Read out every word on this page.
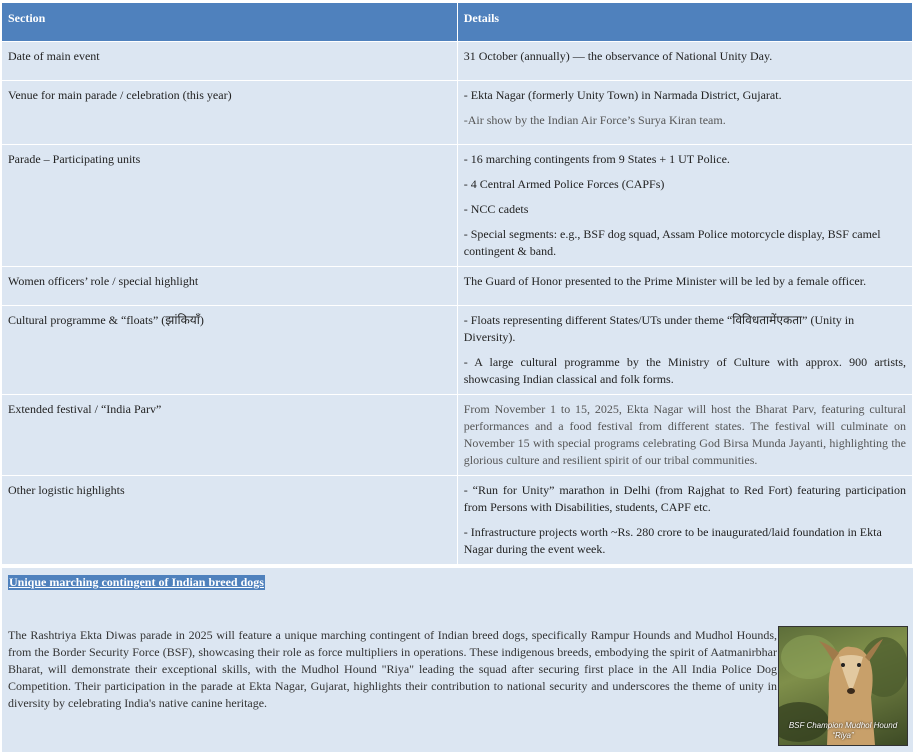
Section	Details
Date of main event	31 October (annually) — the observance of National Unity Day.

Venue for main parade / celebration (this year)	- Ekta Nagar (formerly Unity Town) in Narmada District, Gujarat.
-Air show by the Indian Air Force’s Surya Kiran team.

Parade – Participating units	- 16 marching contingents from 9 States + 1 UT Police.
- 4 Central Armed Police Forces (CAPFs)
- NCC cadets
- Special segments: e.g., BSF dog squad, Assam Police motorcycle display, BSF camel contingent & band.

Women officers’ role / special highlight	The Guard of Honor presented to the Prime Minister will be led by a female officer.

Cultural programme & “floats” (झांकियाँ)	- Floats representing different States/UTs under theme “विविधतामेंएकता” (Unity in Diversity).
- A large cultural programme by the Ministry of Culture with approx. 900 artists, showcasing Indian classical and folk forms.

Extended festival / “India Parv”	From November 1 to 15, 2025, Ekta Nagar will host the Bharat Parv, featuring cultural performances and a food festival from different states. The festival will culminate on November 15 with special programs celebrating God Birsa Munda Jayanti, highlighting the glorious culture and resilient spirit of our tribal communities.

Other logistic highlights	- “Run for Unity” marathon in Delhi (from Rajghat to Red Fort) featuring participation from Persons with Disabilities, students, CAPF etc.
- Infrastructure projects worth ~Rs. 280 crore to be inaugurated/laid foundation in Ekta Nagar during the event week.
Unique marching contingent of Indian breed dogs
The Rashtriya Ekta Diwas parade in 2025 will feature a unique marching contingent of Indian breed dogs, specifically Rampur Hounds and Mudhol Hounds, from the Border Security Force (BSF), showcasing their role as force multipliers in operations. These indigenous breeds, embodying the spirit of Aatmanirbhar Bharat, will demonstrate their exceptional skills, with the Mudhol Hound "Riya" leading the squad after securing first place in the All India Police Dog Competition. Their participation in the parade at Ekta Nagar, Gujarat, highlights their contribution to national security and underscores the theme of unity in diversity by celebrating India's native canine heritage.
BSF Champion Mudhol Hound
“Riya”
